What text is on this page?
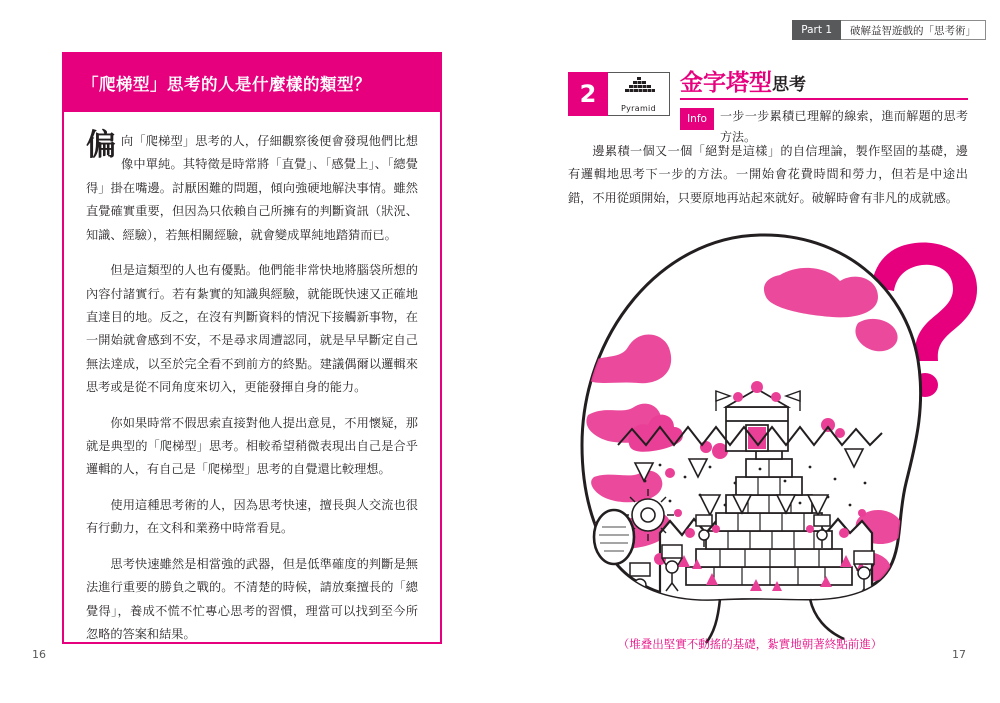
「爬梯型」思考的人是什麼樣的類型？
偏向「爬梯型」思考的人，仔細觀察後便會發現他們比想像中單純。其特徵是時常將「直覺」、「感覺上」、「總覺得」掛在嘴邊。討厭困難的問題，傾向強硬地解決事情。雖然直覺確實重要，但因為只依賴自己所擁有的判斷資訊（狀況、知識、經驗），若無相關經驗，就會變成單純地踏猜而已。

但是這類型的人也有優點。他們能非常快地將腦袋所想的內容付諸實行。若有紮實的知識與經驗，就能既快速又正確地直達目的地。反之，在沒有判斷資料的情況下接觸新事物，在一開始就會感到不安，不是尋求周遭認同，就是早早斷定自己無法達成，以至於完全看不到前方的終點。建議偶爾以邏輯來思考或是從不同角度來切入，更能發揮自身的能力。

你如果時常不假思索直接對他人提出意見，不用懷疑，那就是典型的「爬梯型」思考。相較希望稍微表現出自己是合乎邏輯的人，有自己是「爬梯型」思考的自覺還比較理想。

使用這種思考術的人，因為思考快速，擅長與人交流也很有行動力，在文科和業務中時常看見。

思考快速雖然是相當強的武器，但是低準確度的判斷是無法進行重要的勝負之戰的。不清楚的時候，請放棄擅長的「總覺得」，養成不慌不忙專心思考的習慣，理當可以找到至今所忽略的答案和結果。

16
Part 1	破解益智遊戲的「思考術」
2	Pyramid
金字塔型思考
Info	一步一步累積已理解的線索，進而解題的思考方法。

邊累積一個又一個「絕對是這樣」的自信理論，製作堅固的基礎，邊有邏輯地思考下一步的方法。一開始會花費時間和勞力，但若是中途出錯，不用從頭開始，只要原地再站起來就好。破解時會有非凡的成就感。

（堆叠出堅實不動搖的基礎，紮實地朝著終點前進）
17
